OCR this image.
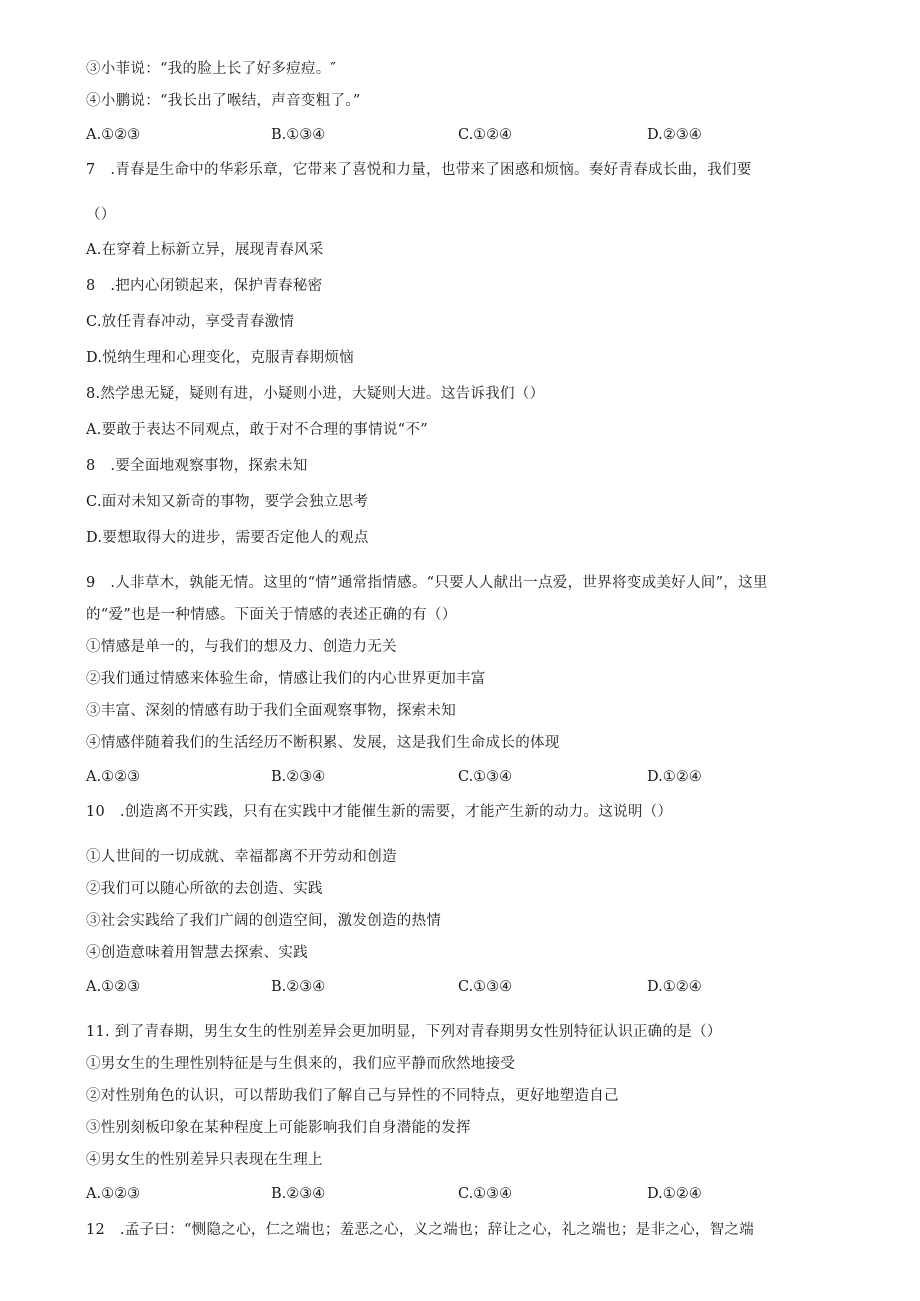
③小菲说：“我的脸上长了好多痘痘。″
④小鹏说：“我长出了喉结，声音变粗了。”
A.①②③	B.①③④	C.①②④	D.②③④
7　.青春是生命中的华彩乐章，它带来了喜悦和力量，也带来了困惑和烦恼。奏好青春成长曲，我们要
（）
A.在穿着上标新立异，展现青春风采
8　.把内心闭锁起来，保护青春秘密
C.放任青春冲动，享受青春激情
D.悦纳生理和心理变化，克服青春期烦恼
8.然学患无疑，疑则有进，小疑则小进，大疑则大进。这告诉我们（）
A.要敢于表达不同观点，敢于对不合理的事情说“不”
8　.要全面地观察事物，探索未知
C.面对未知又新奇的事物，要学会独立思考
D.要想取得大的进步，需要否定他人的观点
9　.人非草木，孰能无情。这里的“情”通常指情感。“只要人人献出一点爱，世界将变成美好人间”，这里
的“爱”也是一种情感。下面关于情感的表述正确的有（）
①情感是单一的，与我们的想及力、创造力无关
②我们通过情感来体验生命，情感让我们的内心世界更加丰富
③丰富、深刻的情感有助于我们全面观察事物，探索未知
④情感伴随着我们的生活经历不断积累、发展，这是我们生命成长的体现
A.①②③	B.②③④	C.①③④	D.①②④
10　.创造离不开实践，只有在实践中才能催生新的需要，才能产生新的动力。这说明（）
①人世间的一切成就、幸福都离不开劳动和创造
②我们可以随心所欲的去创造、实践
③社会实践给了我们广阔的创造空间，激发创造的热情
④创造意味着用智慧去探索、实践
A.①②③	B.②③④	C.①③④	D.①②④
11. 到了青春期，男生女生的性别差异会更加明显，下列对青春期男女性别特征认识正确的是（）
①男女生的生理性别特征是与生俱来的，我们应平静而欣然地接受
②对性别角色的认识，可以帮助我们了解自己与异性的不同特点，更好地塑造自己
③性别刻板印象在某种程度上可能影响我们自身潜能的发挥
④男女生的性别差异只表现在生理上
A.①②③	B.②③④	C.①③④	D.①②④
12　.孟子曰：“恻隐之心，仁之端也；羞恶之心，义之端也；辞让之心，礼之端也；是非之心，智之端
